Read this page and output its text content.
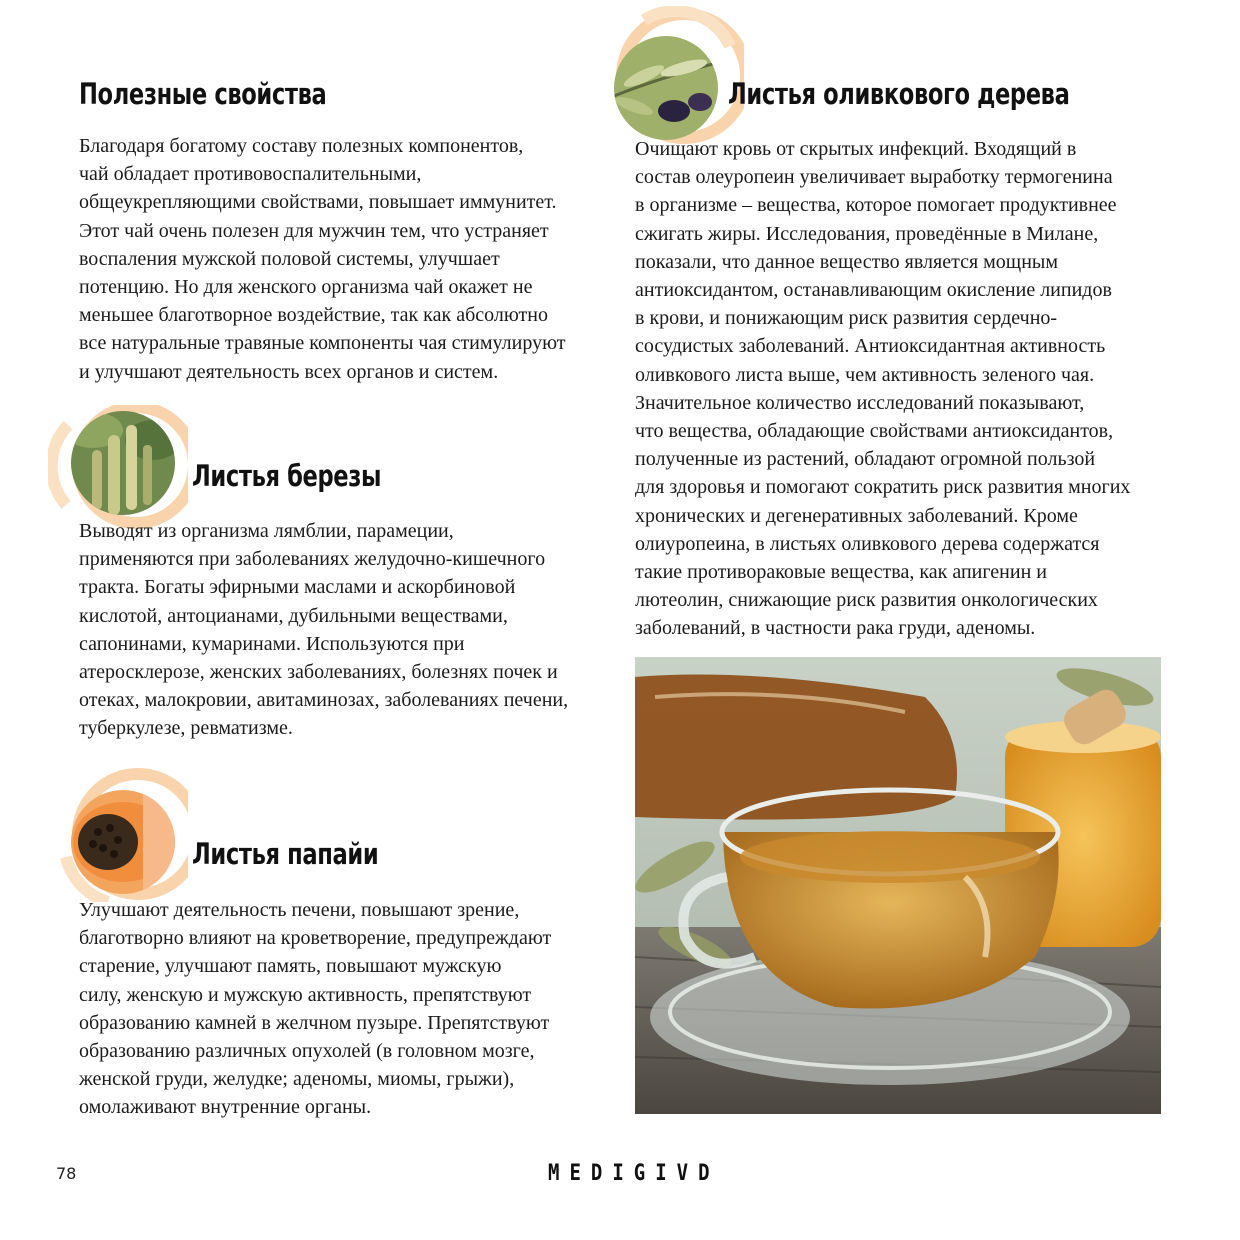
Полезные свойства
Благодаря богатому составу полезных компонентов,
чай обладает противовоспалительными,
общеукрепляющими свойствами, повышает иммунитет.
Этот чай очень полезен для мужчин тем, что устраняет
воспаления мужской половой системы, улучшает
потенцию. Но для женского организма чай окажет не
меньшее благотворное воздействие, так как абсолютно
все натуральные травяные компоненты чая стимулируют
и улучшают деятельность всех органов и систем.
Листья березы
Выводят из организма лямблии, парамеции,
применяются при заболеваниях желудочно-кишечного
тракта. Богаты эфирными маслами и аскорбиновой
кислотой, антоцианами, дубильными веществами,
сапонинами, кумаринами. Используются при
атеросклерозе, женских заболеваниях, болезнях почек и
отеках, малокровии, авитаминозах, заболеваниях печени,
туберкулезе, ревматизме.
Листья папайи
Улучшают деятельность печени, повышают зрение,
благотворно влияют на кроветворение, предупреждают
старение, улучшают память, повышают мужскую
силу, женскую и мужскую активность, препятствуют
образованию камней в желчном пузыре. Препятствуют
образованию различных опухолей (в головном мозге,
женской груди, желудке; аденомы, миомы, грыжи),
омолаживают внутренние органы.
Листья оливкового дерева
Очищают кровь от скрытых инфекций. Входящий в
состав олеуропеин увеличивает выработку термогенина
в организме – вещества, которое помогает продуктивнее
сжигать жиры. Исследования, проведённые в Милане,
показали, что данное вещество является мощным
антиоксидантом, останавливающим окисление липидов
в крови, и понижающим риск развития сердечно-
сосудистых заболеваний. Антиоксидантная активность
оливкового листа выше, чем активность зеленого чая.
Значительное количество исследований показывают,
что вещества, обладающие свойствами антиоксидантов,
полученные из растений, обладают огромной пользой
для здоровья и помогают сократить риск развития многих
хронических и дегенеративных заболеваний. Кроме
олиуропеина, в листьях оливкового дерева содержатся
такие противораковые вещества, как апигенин и
лютеолин, снижающие риск развития онкологических
заболеваний, в частности рака груди, аденомы.

78	MEDIGIVD
